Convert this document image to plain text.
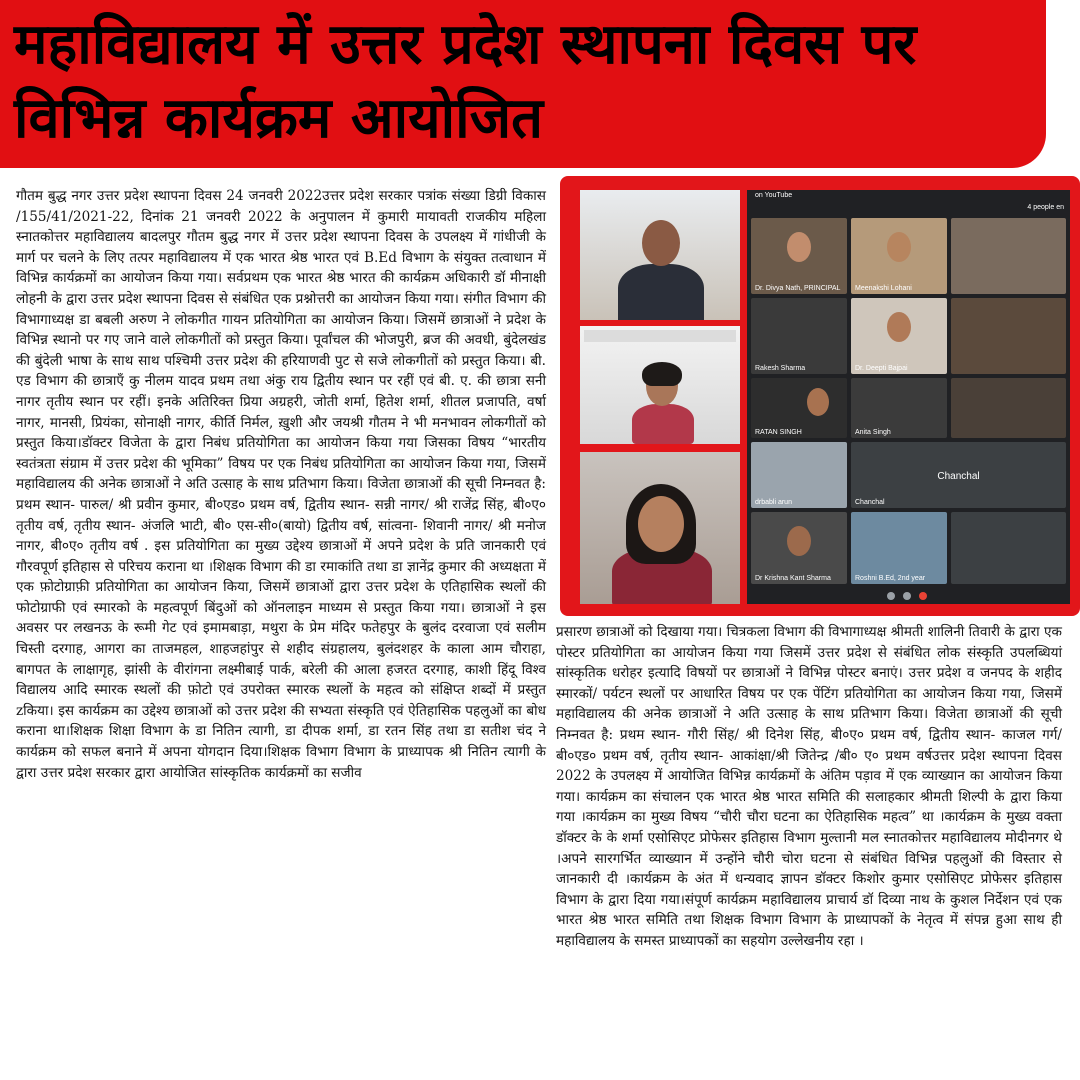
महाविद्यालय में उत्तर प्रदेश स्थापना दिवस पर
विभिन्न कार्यक्रम आयोजित

गौतम बुद्ध नगर उत्तर प्रदेश स्थापना दिवस 24 जनवरी 2022उत्तर प्रदेश सरकार पत्रांक संख्या डिग्री विकास /155/41/2021-22, दिनांक 21 जनवरी 2022 के अनुपालन में कुमारी मायावती राजकीय महिला स्नातकोत्तर महाविद्यालय बादलपुर गौतम बुद्ध नगर में उत्तर प्रदेश स्थापना दिवस के उपलक्ष्य में गांधीजी के मार्ग पर चलने के लिए तत्पर महाविद्यालय में एक भारत श्रेष्ठ भारत एवं B.Ed विभाग के संयुक्त तत्वाधान में विभिन्न कार्यक्रमों का आयोजन किया गया। सर्वप्रथम एक भारत श्रेष्ठ भारत की कार्यक्रम अधिकारी डॉ मीनाक्षी लोहनी के द्वारा उत्तर प्रदेश स्थापना दिवस से संबंधित एक प्रश्नोत्तरी का आयोजन किया गया। संगीत विभाग की विभागाध्यक्ष डा बबली अरुण ने लोकगीत गायन प्रतियोगिता का आयोजन किया। जिसमें छात्राओं ने प्रदेश के विभिन्न स्थानो पर गए जाने वाले लोकगीतों को प्रस्तुत किया। पूर्वांचल की भोजपुरी, ब्रज की अवधी, बुंदेलखंड की बुंदेली भाषा के साथ साथ पश्चिमी उत्तर प्रदेश की हरियाणवी पुट से सजे लोकगीतों को प्रस्तुत किया। बी. एड विभाग की छात्राएँ कु नीलम यादव प्रथम तथा अंकु राय द्वितीय स्थान पर रहीं एवं बी. ए. की छात्रा सनी नागर तृतीय स्थान पर रहीं। इनके अतिरिक्त प्रिया अग्रहरी, जोती शर्मा, हितेश शर्मा, शीतल प्रजापति, वर्षा नागर, मानसी, प्रियंका, सोनाक्षी नागर, कीर्ति निर्मल, ख़ुशी और जयश्री गौतम ने भी मनभावन लोकगीतों को प्रस्तुत किया।डॉक्टर विजेता के द्वारा निबंध प्रतियोगिता का आयोजन किया गया जिसका विषय “भारतीय स्वतंत्रता संग्राम में उत्तर प्रदेश की भूमिका” विषय पर एक निबंध प्रतियोगिता का आयोजन किया गया, जिसमें महाविद्यालय की अनेक छात्राओं ने अति उत्साह के साथ प्रतिभाग किया। विजेता छात्राओं की सूची निम्नवत है: प्रथम स्थान- पारुल/ श्री प्रवीन कुमार, बी०एड० प्रथम वर्ष, द्वितीय स्थान- सन्नी नागर/ श्री राजेंद्र सिंह, बी०ए० तृतीय वर्ष, तृतीय स्थान- अंजलि भाटी, बी० एस-सी०(बायो) द्वितीय वर्ष, सांत्वना- शिवानी नागर/ श्री मनोज नागर, बी०ए० तृतीय वर्ष . इस प्रतियोगिता का मुख्य उद्देश्य छात्राओं में अपने प्रदेश के प्रति जानकारी एवं गौरवपूर्ण इतिहास से परिचय कराना था ।शिक्षक विभाग की डा रमाकांति तथा डा ज्ञानेंद्र कुमार की अध्यक्षता में एक फ़ोटोग्राफ़ी प्रतियोगिता का आयोजन किया, जिसमें छात्राओं द्वारा उत्तर प्रदेश के एतिहासिक स्थलों की फोटोग्राफी एवं स्मारको के महत्वपूर्ण बिंदुओं को ऑनलाइन माध्यम से प्रस्तुत किया गया। छात्राओं ने इस अवसर पर लखनऊ के रूमी गेट एवं इमामबाड़ा, मथुरा के प्रेम मंदिर फतेहपुर के बुलंद दरवाजा एवं सलीम चिस्ती दरगाह, आगरा का ताजमहल, शाहजहांपुर से शहीद संग्रहालय, बुलंदशहर के काला आम चौराहा, बागपत के लाक्षागृह, झांसी के वीरांगना लक्ष्मीबाई पार्क, बरेली की आला हजरत दरगाह, काशी हिंदू विश्व विद्यालय आदि स्मारक स्थलों की फ़ोटो एवं उपरोक्त स्मारक स्थलों के महत्व को संक्षिप्त शब्दों में प्रस्तुत zकिया। इस कार्यक्रम का उद्देश्य छात्राओं को उत्तर प्रदेश की सभ्यता संस्कृति एवं ऐतिहासिक पहलुओं का बोध कराना था।शिक्षक शिक्षा विभाग के डा नितिन त्यागी, डा दीपक शर्मा, डा रतन सिंह तथा डा सतीश चंद ने कार्यक्रम को सफल बनाने में अपना योगदान दिया।शिक्षक विभाग विभाग के प्राध्यापक श्री नितिन त्यागी के द्वारा उत्तर प्रदेश सरकार द्वारा आयोजित सांस्कृतिक कार्यक्रमों का सजीव

on YouTube
4 people en
Dr. Divya Nath, PRINCIPAL Meenakshi Lohani
Rakesh Sharma	Dr. Deepti Bajpai
RATAN SINGH	Anita Singh
drbabli arun
Chanchal
Chanchal
Dr Krishna Kant Sharma	Roshni B.Ed, 2nd year

प्रसारण छात्राओं को दिखाया गया। चित्रकला विभाग की विभागाध्यक्ष श्रीमती शालिनी तिवारी के द्वारा एक पोस्टर प्रतियोगिता का आयोजन किया गया जिसमें उत्तर प्रदेश से संबंधित लोक संस्कृति उपलब्धियां सांस्कृतिक धरोहर इत्यादि विषयों पर छात्राओं ने विभिन्न पोस्टर बनाएं। उत्तर प्रदेश व जनपद के शहीद स्मारकों/ पर्यटन स्थलों पर आधारित विषय पर एक पेंटिंग प्रतियोगिता का आयोजन किया गया, जिसमें महाविद्यालय की अनेक छात्राओं ने अति उत्साह के साथ प्रतिभाग किया। विजेता छात्राओं की सूची निम्नवत है: प्रथम स्थान- गौरी सिंह/ श्री दिनेश सिंह, बी०ए० प्रथम वर्ष, द्वितीय स्थान- काजल गर्ग/बी०एड० प्रथम वर्ष, तृतीय स्थान- आकांक्षा/श्री जितेन्द्र /बी० ए० प्रथम वर्षउत्तर प्रदेश स्थापना दिवस 2022 के उपलक्ष्य में आयोजित विभिन्न कार्यक्रमों के अंतिम पड़ाव में एक व्याख्यान का आयोजन किया गया। कार्यक्रम का संचालन एक भारत श्रेष्ठ भारत समिति की सलाहकार श्रीमती शिल्पी के द्वारा किया गया ।कार्यक्रम का मुख्य विषय “चौरी चौरा घटना का ऐतिहासिक महत्व” था ।कार्यक्रम के मुख्य वक्ता डॉक्टर के के शर्मा एसोसिएट प्रोफेसर इतिहास विभाग मुल्तानी मल स्नातकोत्तर महाविद्यालय मोदीनगर थे ।अपने सारगर्भित व्याख्यान में उन्होंने चौरी चोरा घटना से संबंधित विभिन्न पहलुओं की विस्तार से जानकारी दी ।कार्यक्रम के अंत में धन्यवाद ज्ञापन डॉक्टर किशोर कुमार एसोसिएट प्रोफेसर इतिहास विभाग के द्वारा दिया गया।संपूर्ण कार्यक्रम महाविद्यालय प्राचार्य डॉ दिव्या नाथ के कुशल निर्देशन एवं एक भारत श्रेष्ठ भारत समिति तथा शिक्षक विभाग विभाग के प्राध्यापकों के नेतृत्व में संपन्न हुआ साथ ही महाविद्यालय के समस्त प्राध्यापकों का सहयोग उल्लेखनीय रहा ।
